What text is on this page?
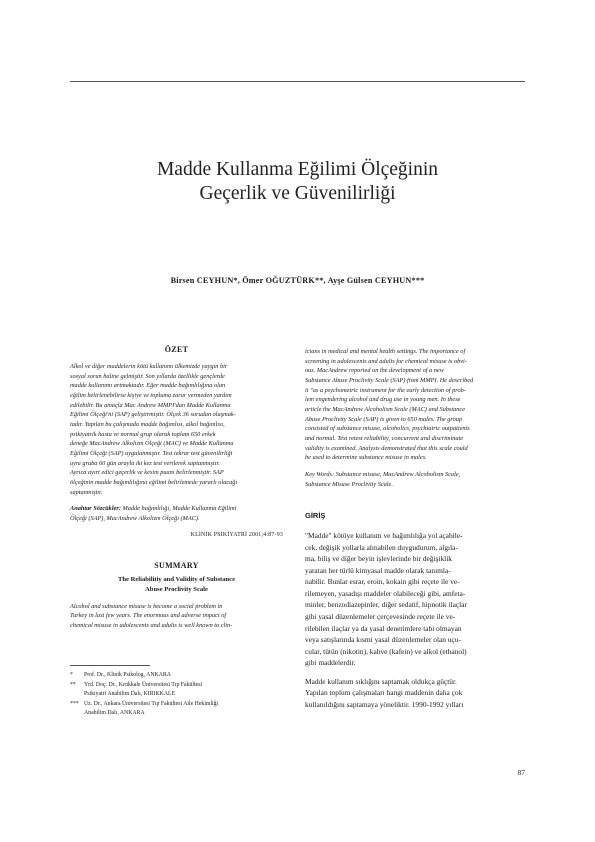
Madde Kullanma Eğilimi Ölçeğinin
Geçerlik ve Güvenilirliği
Birsen CEYHUN*, Ömer OĞUZTÜRK**, Ayşe Gülsen CEYHUN***
ÖZET

Alkol ve diğer maddelerin kötü kullanımı ülkemizde yaygın bir

sosyal sorun haline gelmiştir. Son yıllarda özellikle gençlerde

madde kullanımı artmaktadır. Eğer madde bağımlılığına olan

eğilim belirlenebilirse kişiye ve topluma zarar vermeden yardım

edilebilir. Bu amaçla Mac Andrew MMPI'dan Madde Kullanma

Eğilimi Ölçeği'ni (SAP) geliştirmiştir. Ölçek 36 sorudan oluşmak-

tadır. Yapılan bu çalışmada madde bağımlısı, alkol bağımlısı,

psikiyatrik hasta ve normal grup olarak toplam 650 erkek

deneğe MacAndrew Alkolizm Ölçeği (MAC) ve Madde Kullanma

Eğilimi Ölçeği (SAP) uygulanmıştır. Test tekrar test güvenilirliği

aynı gruba 60 gün arayla iki kez test verilerek saptanmıştır.

Ayrıca ayırt edici geçerlik ve kesim puanı belirlenmiştir. SAP

ölçeğinin madde bağımlılığına eğilimi belirlemede yararlı olacağı

saptanmıştır.

Anahtar Sözcükler: Madde bağımlılığı, Madde Kullanma Eğilimi

Ölçeği (SAP), MacAndrew Alkolizm Ölçeği (MAC).

KLİNİK PSİKİYATRİ 2001;4:87-93
SUMMARY
The Reliabilitiy and Validity of Substance
Abuse Proclivity Scale

Alcohol and substance misuse is become a social problem in

Turkey in last few years. The enormous and adverse impact of

chemical misuse in adolescents and adults is well known to clin-

*	Prof. Dr., Klinik Psikolog, ANKARA
**	Yrd. Doç. Dr., Kırıkkale Üniversitesi Tıp Fakültesi
Psikiyatri Anabilim Dalı, KIRIKKALE
*** Uz. Dr., Ankara Üniversitesi Tıp Fakültesi Aile Hekimliği
Anabilim Dalı, ANKARA

icians in medical and mental health settings. The importance of

screening in adolescents and adults for chemical misuse is obvi-

ous. MacAndrew reported on the development of a new

Substance Abuse Proclivity Scale (SAP) from MMPI. He described

it "as a psychometric instrument for the early detection of prob-

lem engendering alcohol and drug use in young men. In these

article the MacAndrew Alcoholism Scale (MAC) and Substance

Abuse Proclivity Scale (SAP) is given to 650 males. The group

consisted of substance misuse, alcoholics, psychiatric outpatients

and normal. Test retest reliability, concurrent and discriminate

validity is examined. Analysis demonstrated that this scale could

be used to determine substance misuse in males.

Key Words: Substance misuse, MacAndrew Alcoholism Scale,

Substance Misuse Proclivity Scale.

GİRİŞ
"Madde" kötüye kullanım ve bağımlılığa yol açabile-
cek, değişik yollarla alınabilen duygudurum, algıla-
ma, biliş ve diğer beyin işlevlerinde bir değişiklik
yaratan her türlü kimyasal madde olarak tanımla-
nabilir. Bunlar esrar, eroin, kokain gibi reçete ile ve-
rilemeyen, yasadışı maddeler olabileceği gibi, amfeta-
minler, benzodiazepinler, diğer sedatif, hipnotik ilaçlar
gibi yasal düzenlemeler çerçevesinde reçete ile ve-
rilebilen ilaçlar ya da yasal denetimlere tabi olmayan
veya satışlarında kısmi yasal düzenlemeler olan uçu-
cular, tütün (nikotin), kahve (kafein) ve alkol (ethanol)
gibi maddelerdir.
Madde kullanım sıklığını saptamak oldukça güçtür.
Yapılan toplum çalışmaları hangi maddenin daha çok
kullanıldığını saptamaya yöneliktir. 1990-1992 yılları
87
